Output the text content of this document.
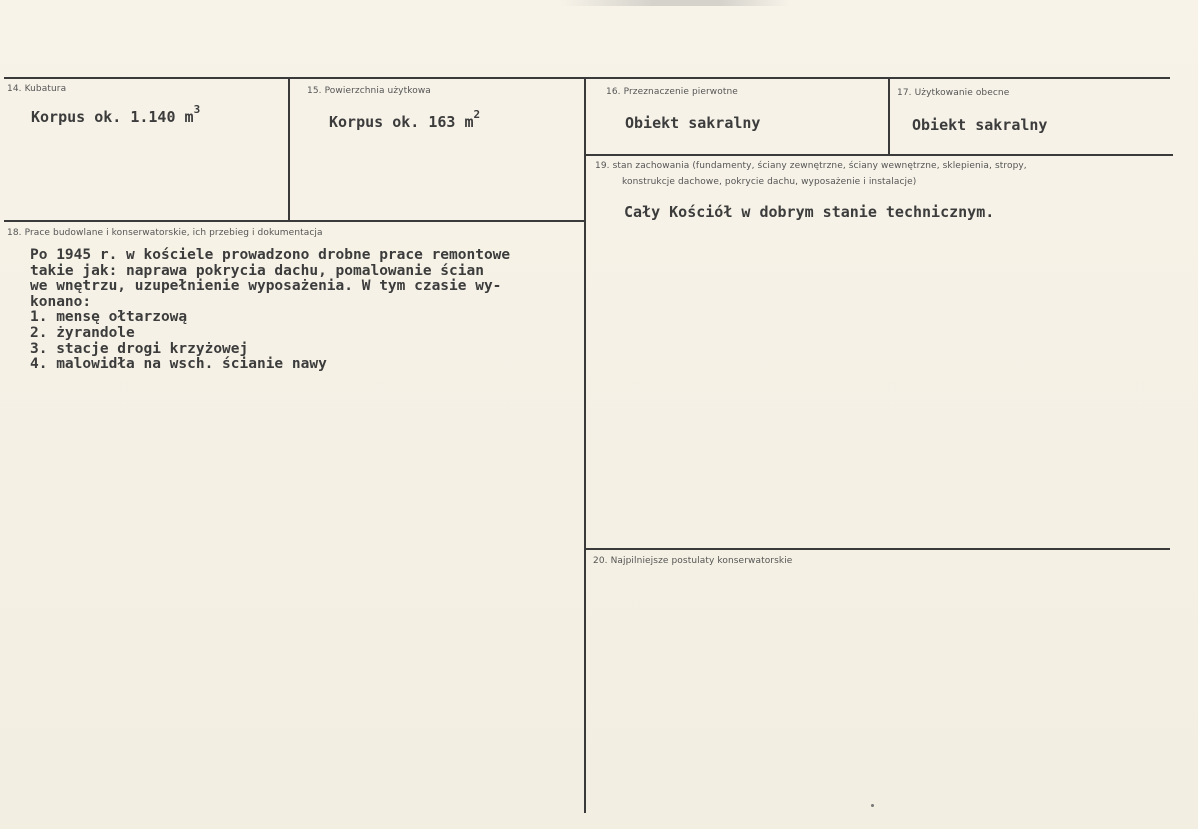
14. Kubatura
Korpus ok. 1.140 $m^3$
15. Powierzchnia użytkowa
Korpus ok. 163 $m^2$
16. Przeznaczenie pierwotne
Obiekt sakralny
17. Użytkowanie obecne
Obiekt sakralny
18. Prace budowlane i konserwatorskie, ich przebieg i dokumentacja
Po 1945 r. w kościele prowadzono drobne prace remontowe
takie jak: naprawa pokrycia dachu, pomalowanie ścian
we wnętrzu, uzupełnienie wyposażenia. W tym czasie wy-
konano:
1. mensę ołtarzową
2. żyrandole
3. stacje drogi krzyżowej
4. malowidła na wsch. ścianie nawy
19. stan zachowania (fundamenty, ściany zewnętrzne, ściany wewnętrzne, sklepienia, stropy,
konstrukcje dachowe, pokrycie dachu, wyposażenie i instalacje)
Cały Kościół w dobrym stanie technicznym.
20. Najpilniejsze postulaty konserwatorskie
